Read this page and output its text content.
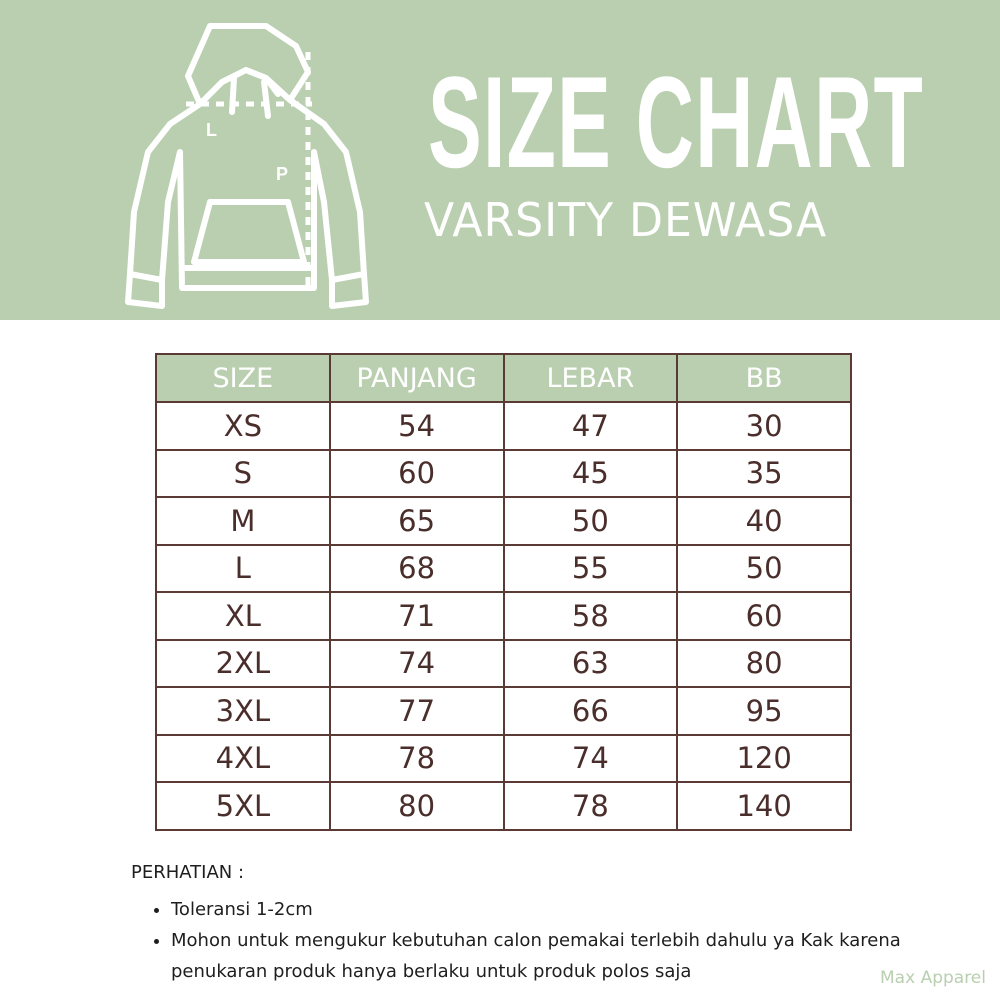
L
P SIZE CHART
VARSITY DEWASA
SIZE	PANJANG	LEBAR	BB
XS	54	47	30
S	60	45	35
M	65	50	40
L	68	55	50
XL	71	58	60
2XL	74	63	80
3XL	77	66	95
4XL	78	74	120
5XL	80	78	140
PERHATIAN :
• Toleransi 1-2cm
• Mohon untuk mengukur kebutuhan calon pemakai terlebih dahulu ya Kak karena penukaran produk hanya berlaku untuk produk polos saja	Max Apparel
